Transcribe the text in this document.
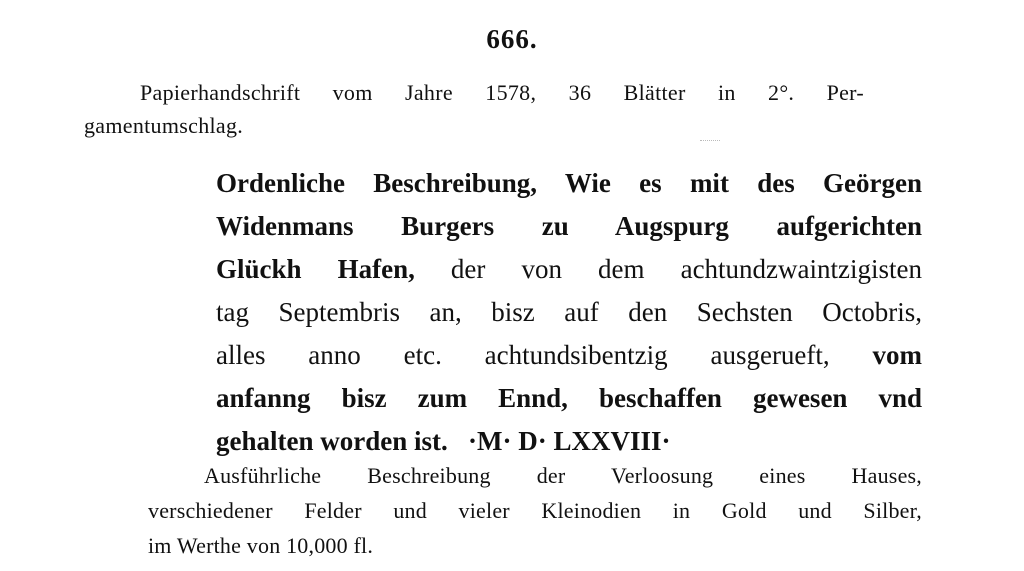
666.
Papierhandschrift vom Jahre 1578, 36 Blätter in 2°. Per-
gamentumschlag.
Ordenliche Beschreibung, Wie es mit des Geörgen
Widenmans Burgers zu Augspurg aufgerichten
Glückh Hafen, der von dem achtundzwaintzigisten
tag Septembris an, bisz auf den Sechsten Octobris,
alles anno etc. achtundsibentzig ausgerueft, vom
anfanng bisz zum Ennd, beschaffen gewesen vnd
gehalten worden ist. ·M· D· LXXVIII·
Ausführliche Beschreibung der Verloosung eines Hauses,
verschiedener Felder und vieler Kleinodien in Gold und Silber,
im Werthe von 10,000 fl.
